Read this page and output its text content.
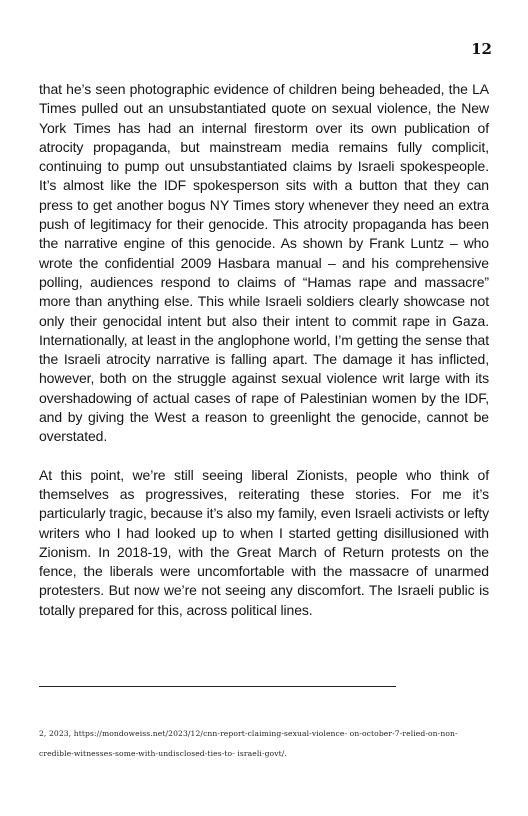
12

that he’s seen photographic evidence of children being beheaded, the LA Times pulled out an unsubstantiated quote on sexual violence, the New York Times has had an internal firestorm over its own publication of atrocity propaganda, but mainstream media remains fully complicit, continuing to pump out unsubstantiated claims by Israeli spokespeople. It’s almost like the IDF spokesperson sits with a button that they can press to get another bogus NY Times story whenever they need an extra push of legitimacy for their genocide. This atrocity propaganda has been the narrative engine of this genocide. As shown by Frank Luntz – who wrote the confidential 2009 Hasbara manual – and his comprehensive polling, audiences respond to claims of “Hamas rape and massacre” more than anything else. This while Israeli soldiers clearly showcase not only their genocidal intent but also their intent to commit rape in Gaza. Internationally, at least in the anglophone world, I’m getting the sense that the Israeli atrocity narrative is falling apart. The damage it has inflicted, however, both on the struggle against sexual violence writ large with its overshadowing of actual cases of rape of Palestinian women by the IDF, and by giving the West a reason to greenlight the genocide, cannot be overstated.

At this point, we’re still seeing liberal Zionists, people who think of themselves as progressives, reiterating these stories. For me it’s particularly tragic, because it’s also my family, even Israeli activists or lefty writers who I had looked up to when I started getting disillusioned with Zionism. In 2018-19, with the Great March of Return protests on the fence, the liberals were uncomfortable with the massacre of unarmed protesters. But now we’re not seeing any discomfort. The Israeli public is totally prepared for this, across political lines.

2, 2023, https://mondoweiss.net/2023/12/cnn-report-claiming-sexual-violence- on-october-7-relied-on-non-credible-witnesses-some-with-undisclosed-ties-to- israeli-govt/.
